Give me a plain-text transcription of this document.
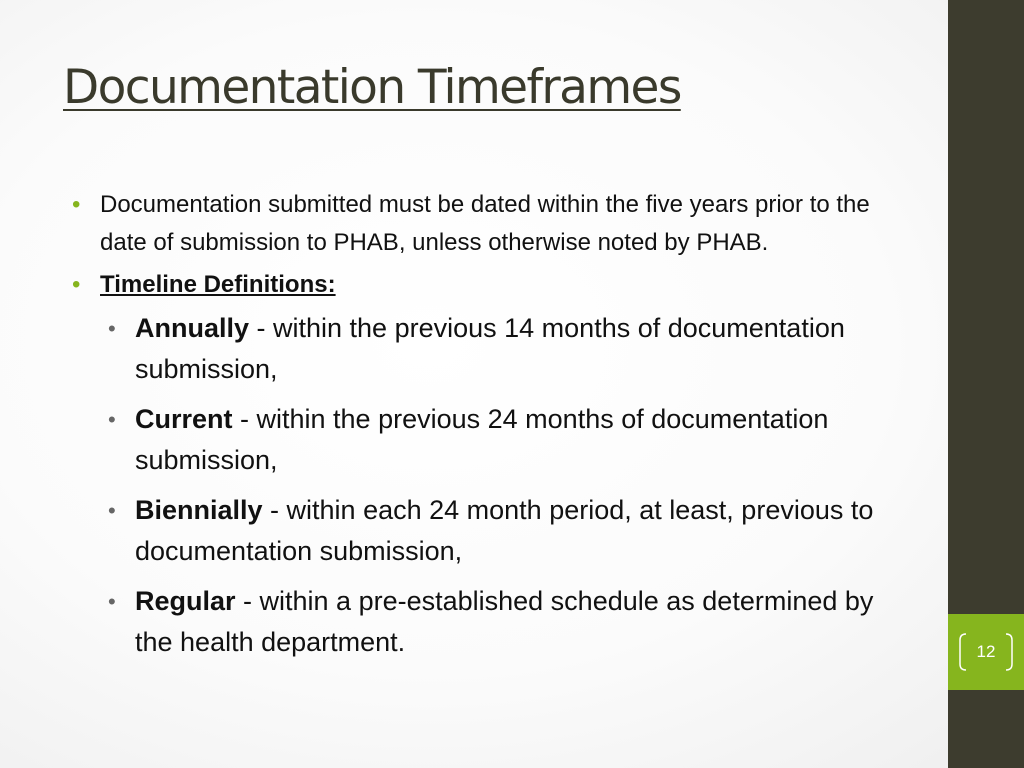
Documentation Timeframes
• Documentation submitted must be dated within the five years prior to the date of submission to PHAB, unless otherwise noted by PHAB.
• Timeline Definitions:
• Annually - within the previous 14 months of documentation submission,
• Current - within the previous 24 months of documentation submission,
• Biennially - within each 24 month period, at least, previous to documentation submission,
• Regular - within a pre-established schedule as determined by the health department.	12
